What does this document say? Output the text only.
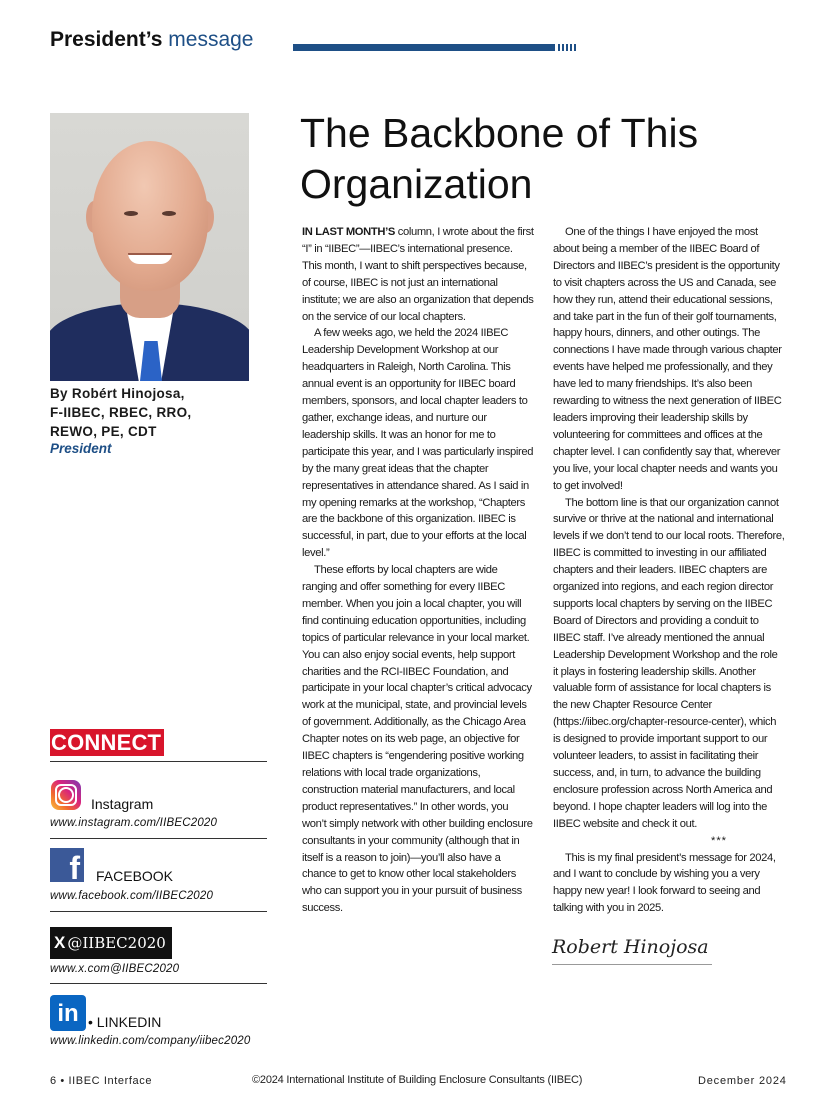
President’s message
By Robért Hinojosa,
F-IIBEC, RBEC, RRO,
REWO, PE, CDT
President
The Backbone of This
Organization

IN LAST MONTH’S column, I wrote about the first “I” in “IIBEC”—IIBEC’s international presence. This month, I want to shift perspectives because, of course, IIBEC is not just an international institute; we are also an organization that depends on the service of our local chapters.

A few weeks ago, we held the 2024 IIBEC Leadership Development Workshop at our headquarters in Raleigh, North Carolina. This annual event is an opportunity for IIBEC board members, sponsors, and local chapter leaders to gather, exchange ideas, and nurture our leadership skills. It was an honor for me to participate this year, and I was particularly inspired by the many great ideas that the chapter representatives in attendance shared. As I said in my opening remarks at the workshop, “Chapters are the backbone of this organization. IIBEC is successful, in part, due to your efforts at the local level.”

These efforts by local chapters are wide ranging and offer something for every IIBEC member. When you join a local chapter, you will find continuing education opportunities, including topics of particular relevance in your local market. You can also enjoy social events, help support charities and the RCI-IIBEC Foundation, and participate in your local chapter’s critical advocacy work at the municipal, state, and provincial levels of government. Additionally, as the Chicago Area Chapter notes on its web page, an objective for IIBEC chapters is “engendering positive working relations with local trade organizations, construction material manufacturers, and local product representatives.” In other words, you won’t simply network with other building enclosure consultants in your community (although that in itself is a reason to join)—you’ll also have a chance to get to know other local stakeholders who can support you in your pursuit of business success.

One of the things I have enjoyed the most about being a member of the IIBEC Board of Directors and IIBEC’s president is the opportunity to visit chapters across the US and Canada, see how they run, attend their educational sessions, and take part in the fun of their golf tournaments, happy hours, dinners, and other outings. The connections I have made through various chapter events have helped me professionally, and they have led to many friendships. It’s also been rewarding to witness the next generation of IIBEC leaders improving their leadership skills by volunteering for committees and offices at the chapter level. I can confidently say that, wherever you live, your local chapter needs and wants you to get involved!

The bottom line is that our organization cannot survive or thrive at the national and international levels if we don’t tend to our local roots. Therefore, IIBEC is committed to investing in our affiliated chapters and their leaders. IIBEC chapters are organized into regions, and each region director supports local chapters by serving on the IIBEC Board of Directors and providing a conduit to IIBEC staff. I’ve already mentioned the annual Leadership Development Workshop and the role it plays in fostering leadership skills. Another valuable form of assistance for local chapters is the new Chapter Resource Center (https://iibec.org/chapter-resource-center), which is designed to provide important support to our volunteer leaders, to assist in facilitating their success, and, in turn, to advance the building enclosure profession across North America and beyond. I hope chapter leaders will log into the IIBEC website and check it out.

***

This is my final president’s message for 2024, and I want to conclude by wishing you a very happy new year! I look forward to seeing and talking with you in 2025.

Robert Hinojosa
CONNECT
Instagram
www.instagram.com/IIBEC2020
f FACEBOOK
www.facebook.com/IIBEC2020
X @IIBEC2020
www.x.com@IIBEC2020
in • LINKEDIN
www.linkedin.com/company/iibec2020
6 • IIBEC Interface	©2024 International Institute of Building Enclosure Consultants (IIBEC)	December 2024
